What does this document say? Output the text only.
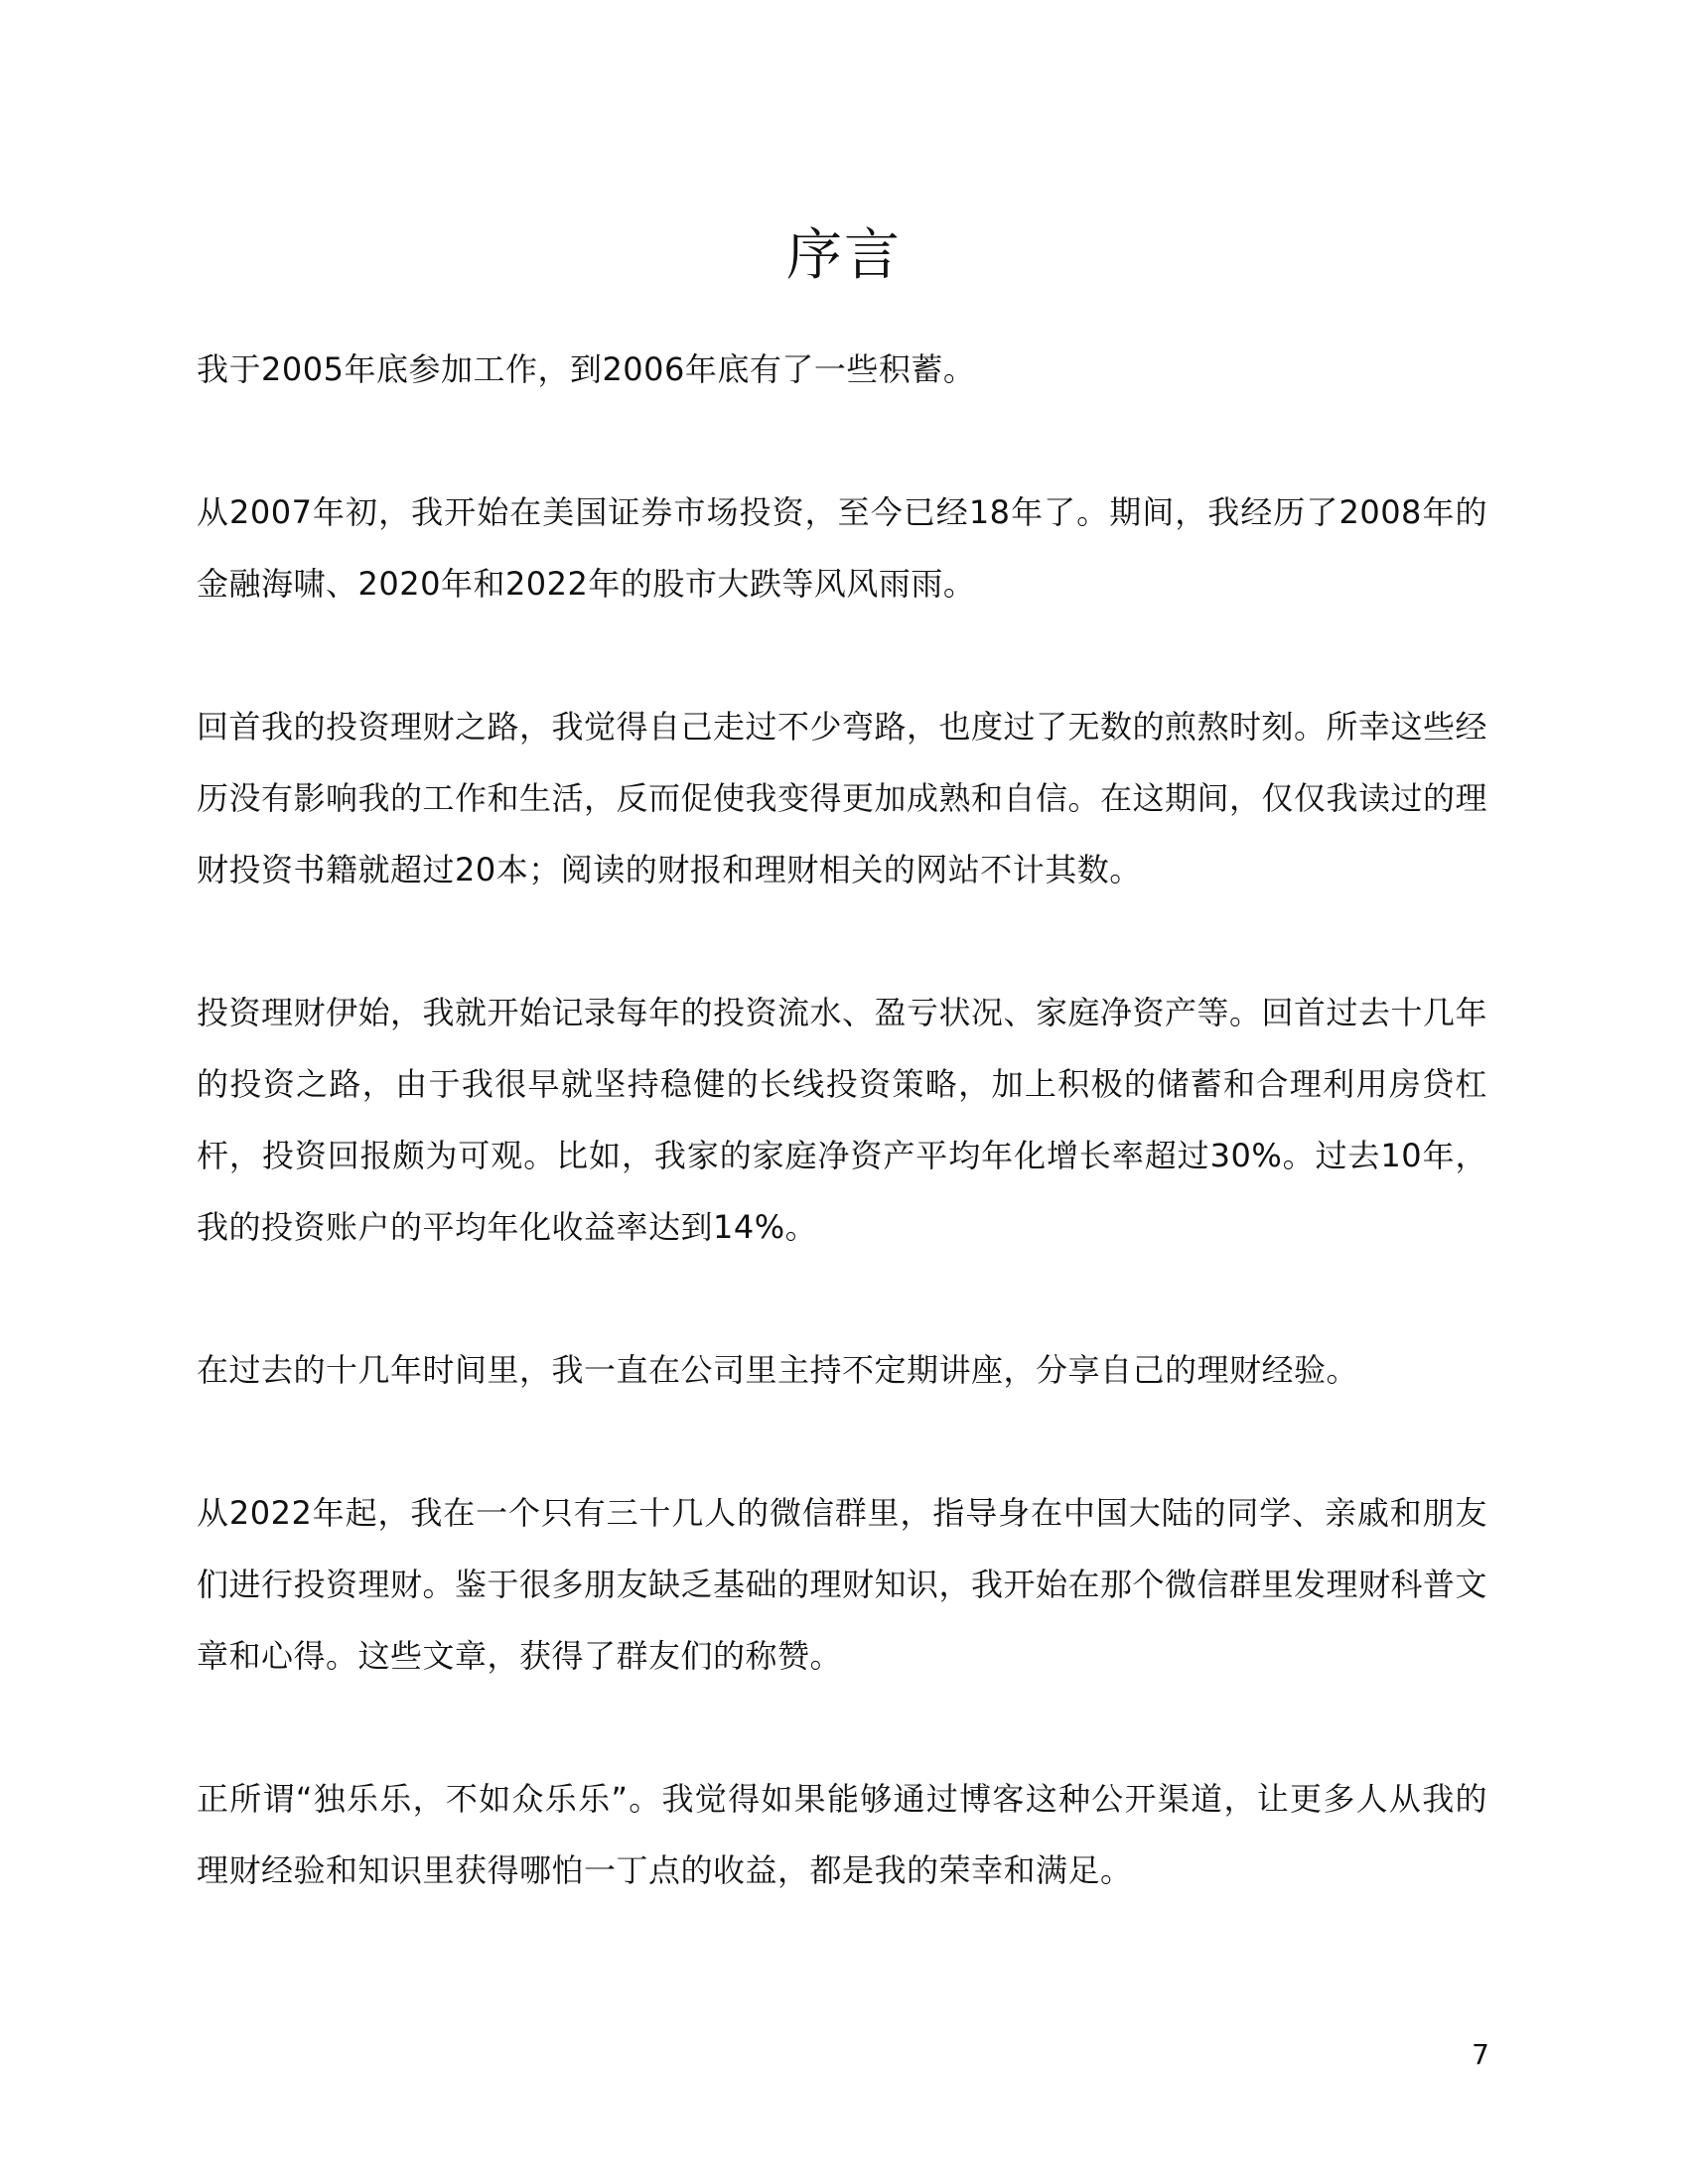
序言

我于2005年底参加工作，到2006年底有了一些积蓄。

从2007年初，我开始在美国证券市场投资，至今已经18年了。期间，我经历了2008年的金融海啸、2020年和2022年的股市大跌等风风雨雨。

回首我的投资理财之路，我觉得自己走过不少弯路，也度过了无数的煎熬时刻。所幸这些经历没有影响我的工作和生活，反而促使我变得更加成熟和自信。在这期间，仅仅我读过的理财投资书籍就超过20本；阅读的财报和理财相关的网站不计其数。

投资理财伊始，我就开始记录每年的投资流水、盈亏状况、家庭净资产等。回首过去十几年的投资之路，由于我很早就坚持稳健的长线投资策略，加上积极的储蓄和合理利用房贷杠杆，投资回报颇为可观。比如，我家的家庭净资产平均年化增长率超过30%。过去10年，我的投资账户的平均年化收益率达到14%。

在过去的十几年时间里，我一直在公司里主持不定期讲座，分享自己的理财经验。

从2022年起，我在一个只有三十几人的微信群里，指导身在中国大陆的同学、亲戚和朋友们进行投资理财。鉴于很多朋友缺乏基础的理财知识，我开始在那个微信群里发理财科普文章和心得。这些文章，获得了群友们的称赞。

正所谓“独乐乐，不如众乐乐”。我觉得如果能够通过博客这种公开渠道，让更多人从我的理财经验和知识里获得哪怕一丁点的收益，都是我的荣幸和满足。

7
